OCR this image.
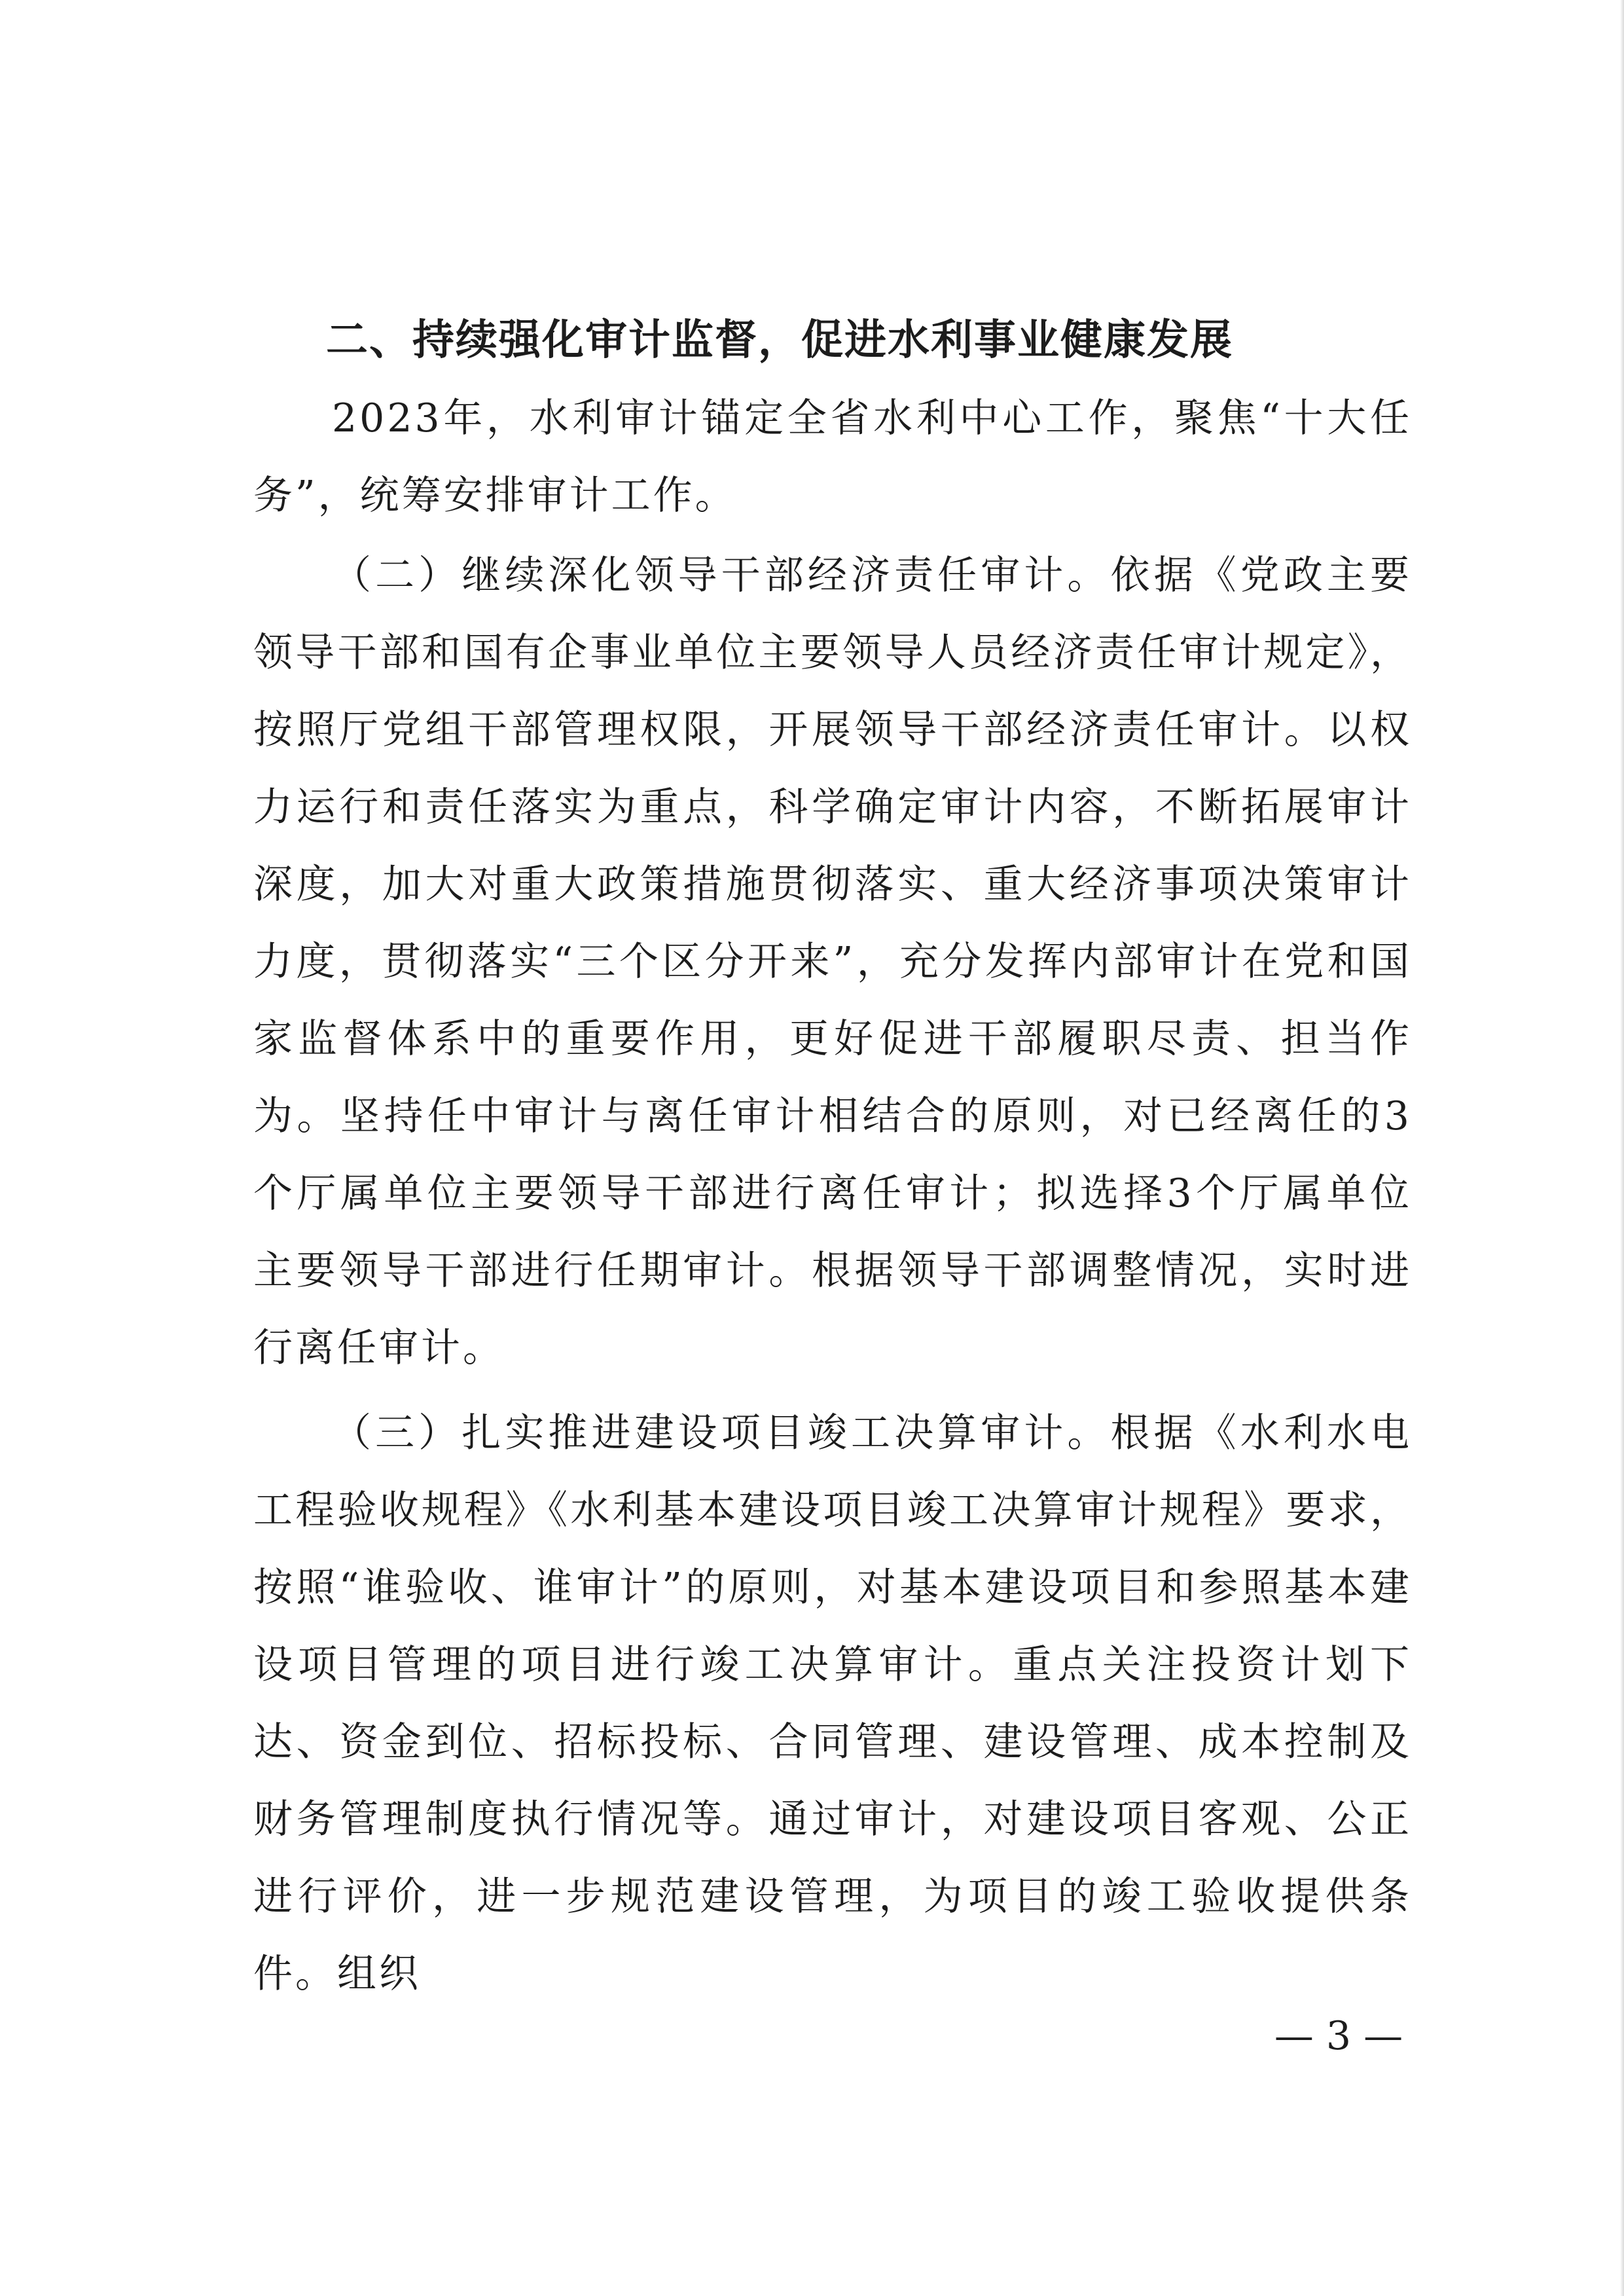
二、持续强化审计监督，促进水利事业健康发展
2023年，水利审计锚定全省水利中心工作，聚焦“十大任务”，统筹安排审计工作。
（二）继续深化领导干部经济责任审计。依据《党政主要领导干部和国有企事业单位主要领导人员经济责任审计规定》，按照厅党组干部管理权限，开展领导干部经济责任审计。以权力运行和责任落实为重点，科学确定审计内容，不断拓展审计深度，加大对重大政策措施贯彻落实、重大经济事项决策审计力度，贯彻落实“三个区分开来”，充分发挥内部审计在党和国家监督体系中的重要作用，更好促进干部履职尽责、担当作为。坚持任中审计与离任审计相结合的原则，对已经离任的3个厅属单位主要领导干部进行离任审计；拟选择3个厅属单位主要领导干部进行任期审计。根据领导干部调整情况，实时进行离任审计。
（三）扎实推进建设项目竣工决算审计。根据《水利水电工程验收规程》《水利基本建设项目竣工决算审计规程》要求，按照“谁验收、谁审计”的原则，对基本建设项目和参照基本建设项目管理的项目进行竣工决算审计。重点关注投资计划下达、资金到位、招标投标、合同管理、建设管理、成本控制及财务管理制度执行情况等。通过审计，对建设项目客观、公正进行评价，进一步规范建设管理，为项目的竣工验收提供条件。组织
— 3 —
